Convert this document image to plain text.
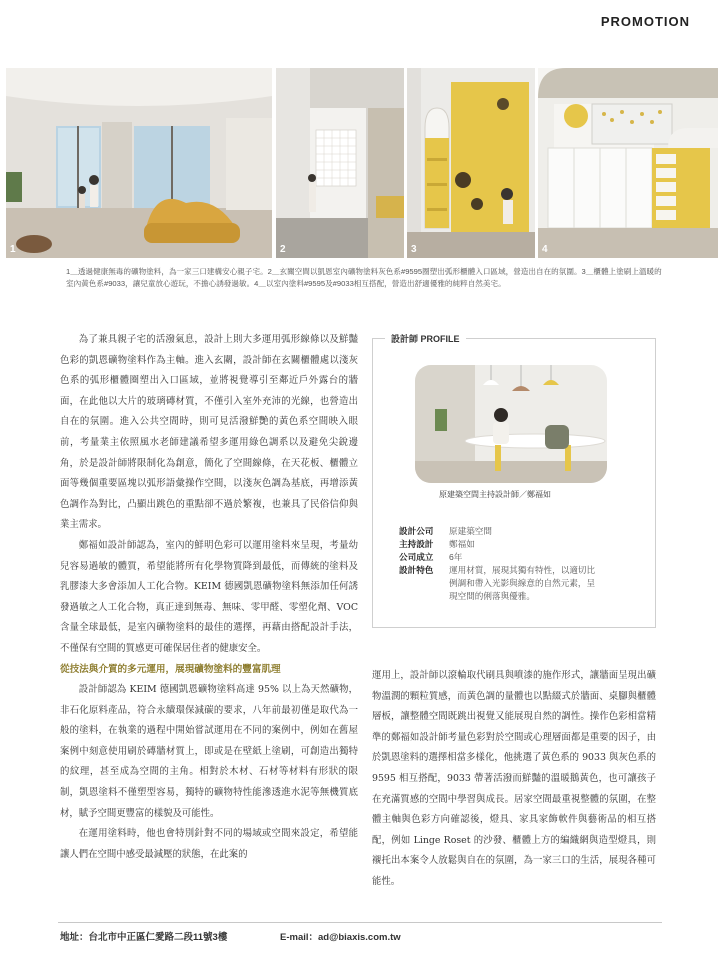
PROMOTION
1	2	3	4
1＿透過健康無毒的礦物塗料，為一家三口建構安心親子宅。2＿玄關空間以凱恩室內礦物塗料灰色系#9595圈塑出弧形櫃體入口區域，營造出自在的氛圍。3＿櫃體上塗刷上溫暖的室內黃色系#9033，讓兒童放心遊玩，不擔心誘發過敏。4＿以室內塗料#9595及#9033相互搭配，營造出舒適優雅的純粹自然美宅。

為了兼具親子宅的活潑氣息，設計上則大多運用弧形線條以及鮮豔色彩的凱恩礦物塗料作為主軸。進入玄關，設計師在玄關櫃體處以淺灰色系的弧形櫃體圈塑出入口區域，並將視覺導引至鄰近戶外露台的牆面，在此他以大片的玻璃磚材質，不僅引入室外充沛的光線，也營造出自在的氛圍。進入公共空間時，則可見活潑鮮艷的黃色系空間映入眼前，考量業主依照風水老師建議希望多運用綠色調系以及避免尖銳邊角，於是設計師將限制化為創意，簡化了空間線條，在天花板、櫃體立面等幾個重要區塊以弧形語彙操作空間，以淺灰色調為基底，再增添黃色調作為對比，凸顯出跳色的重點卻不過於繁複，也兼具了民俗信仰與業主需求。

鄭福如設計師認為，室內的鮮明色彩可以運用塗料來呈現，考量幼兒容易過敏的體質，希望能將所有化學物質降到最低，而傳統的塗料及乳膠漆大多會添加人工化合物。KEIM 德國凱恩礦物塗料無添加任何誘發過敏之人工化合物，真正達到無毒、無味、零甲醛、零塑化劑、VOC 含量全球最低，是室內礦物塗料的最佳的選擇，再藉由搭配設計手法，不僅保有空間的質感更可確保居住者的健康安全。

從技法與介質的多元運用，展現礦物塗料的豐富肌理

設計師認為 KEIM 德國凱恩礦物塗料高達 95% 以上為天然礦物，非石化原料產品，符合永續環保減碳的要求，八年前最初僅是取代為一般的塗料，在執業的過程中開始嘗試運用在不同的案例中，例如在舊屋案例中刻意使用刷於磚牆材質上，即或是在壁紙上塗刷，可創造出獨特的紋理，甚至成為空間的主角。相對於木材、石材等材料有形狀的限制，凱恩塗料不僅塑型容易，獨特的礦物特性能滲透進水泥等無機質底材，賦予空間更豐富的樣貌及可能性。

在運用塗料時，他也會特別針對不同的場域或空間來設定，希望能讓人們在空間中感受最減壓的狀態，在此案的

設計師 PROFILE
原建築空間主持設計師／鄭福如
設計公司	原建築空間
主持設計	鄭福如
公司成立	6年
設計特色	運用材質，展現其獨有特性，以適切比例調和帶入光影與線意的自然元素，呈現空間的俐落與優雅。

運用上，設計師以滾輪取代刷具與噴漆的施作形式，讓牆面呈現出礦物溫潤的顆粒質感，而黃色調的量體也以點綴式於牆面、桌腳與櫃體層板，讓整體空間既跳出視覺又能展現自然的調性。操作色彩相當精準的鄭福如設計師考量色彩對於空間或心理層面都是重要的因子，由於凱恩塗料的選擇相當多樣化，他挑選了黃色系的 9033 與灰色系的 9595 相互搭配，9033 帶著活潑而鮮豔的溫暖鵝黃色，也可讓孩子在充滿質感的空間中學習與成長。居家空間最重視整體的氛圍，在整體主軸與色彩方向確認後，燈具、家具家飾軟件與藝術品的相互搭配，例如 Linge Roset 的沙發、櫃體上方的編織網與造型燈具，則襯托出本案令人放鬆與自在的氛圍，為一家三口的生活，展現各種可能性。

地址：台北市中正區仁愛路二段11號3樓	E-mail：ad@biaxis.com.tw
